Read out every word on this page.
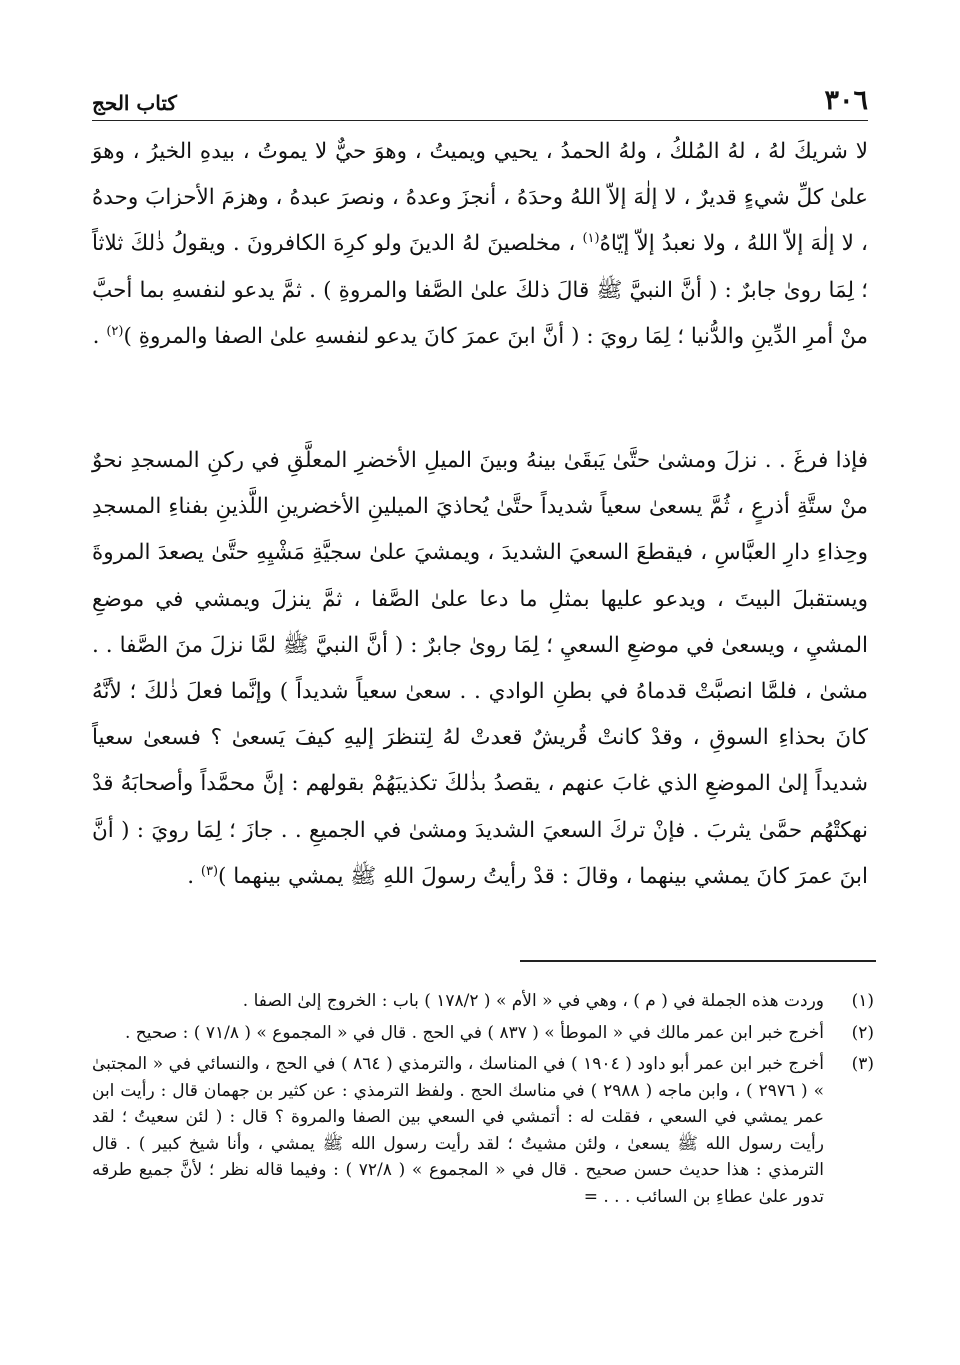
٣٠٦
كتاب الحج

لا شريكَ لهُ ، لهُ المُلكُ ، ولهُ الحمدُ ، يحيي ويميتُ ، وهوَ حيٌّ لا يموتُ ، بيدهِ الخيرُ ، وهوَ علىٰ كلِّ شيءٍ قديرٌ ، لا إلٰهَ إلاّ اللهُ وحدَهُ ، أنجزَ وعدهُ ، ونصرَ عبدهُ ، وهزمَ الأحزابَ وحدهُ ، لا إلٰهَ إلاّ اللهُ ، ولا نعبدُ إلاّ إيّاهُ$^{(١)}$ ، مخلصينَ لهُ الدينَ ولو كرِهَ الكافرونَ . ويقولُ ذٰلكَ ثلاثاً ؛ لِمَا روىٰ جابرٌ : ( أنَّ النبيَّ ﷺ قالَ ذلكَ علىٰ الصَّفا والمروةِ ) . ثمَّ يدعو لنفسهِ بما أحبَّ منْ أمرِ الدِّينِ والدُّنيا ؛ لِمَا رويَ : ( أنَّ ابنَ عمرَ كانَ يدعو لنفسهِ علىٰ الصفا والمروةِ )$^{(٢)}$ .

فإذا فرغَ . . نزلَ ومشىٰ حتَّىٰ يَبقَىٰ بينهُ وبينَ الميلِ الأخضرِ المعلَّقِ في ركنِ المسجدِ نحوٌ منْ ستَّةِ أذرعٍ ، ثُمَّ يسعىٰ سعياً شديداً حتَّىٰ يُحاذيَ الميلينِ الأخضرينِ اللَّذينِ بفناءِ المسجدِ وحِذاءِ دارِ العبَّاسِ ، فيقطعَ السعيَ الشديدَ ، ويمشيَ علىٰ سجيَّةِ مَشْيِهِ حتَّىٰ يصعدَ المروةَ ويستقبلَ البيتَ ، ويدعو عليها بمثلِ ما دعا علىٰ الصَّفا ، ثمَّ ينزلَ ويمشي في موضعِ المشيِ ، ويسعىٰ في موضعِ السعيِ ؛ لِمَا روىٰ جابرٌ : ( أنَّ النبيَّ ﷺ لمَّا نزلَ منَ الصَّفا . . مشىٰ ، فلمَّا انصبَّتْ قدماهُ في بطنِ الوادي . . سعىٰ سعياً شديداً ) وإنَّما فعلَ ذٰلكَ ؛ لأنَّهُ كانَ بحذاءِ السوقِ ، وقدْ كانتْ قُريشٌ قعدتْ لهُ لِتنظرَ إليهِ كيفَ يَسعىٰ ؟ فسعىٰ سعياً شديداً إلىٰ الموضعِ الذي غابَ عنهم ، يقصدُ بذٰلكَ تكذيبَهُمْ بقولهم : إنَّ محمَّداً وأصحابَهُ قدْ نهكتْهُم حمَّىٰ يثربَ . فإنْ تركَ السعيَ الشديدَ ومشىٰ في الجميعِ . . جازَ ؛ لِمَا رويَ : ( أنَّ ابنَ عمرَ كانَ يمشي بينهما ، وقالَ : قدْ رأيتُ رسولَ اللهِ ﷺ يمشي بينهما )$^{(٣)}$ .

(١)
وردت هذه الجملة في ( م ) ، وهي في « الأم » ( ١٧٨/٢ ) باب : الخروج إلىٰ الصفا .
(٢)
أخرج خبر ابن عمر مالك في « الموطأ » ( ٨٣٧ ) في الحج . قال في « المجموع » ( ٧١/٨ ) : صحيح .
(٣)
أخرج خبر ابن عمر أبو داود ( ١٩٠٤ ) في المناسك ، والترمذي ( ٨٦٤ ) في الحج ، والنسائي في « المجتبىٰ » ( ٢٩٧٦ ) ، وابن ماجه ( ٢٩٨٨ ) في مناسك الحج . ولفظ الترمذي : عن كثير بن جهمان قال : رأيت ابن عمر يمشي في السعي ، فقلت له : أتمشي في السعي بين الصفا والمروة ؟ قال : ( لئن سعيتُ ؛ لقد رأيت رسول الله ﷺ يسعىٰ ، ولئن مشيتُ ؛ لقد رأيت رسول الله ﷺ يمشي ، وأنا شيخ كبير ) . قال الترمذي : هذا حديث حسن صحيح . قال في « المجموع » ( ٧٢/٨ ) : وفيما قاله نظر ؛ لأنَّ جميع طرقه تدور علىٰ عطاءِ بن السائب . . . =
